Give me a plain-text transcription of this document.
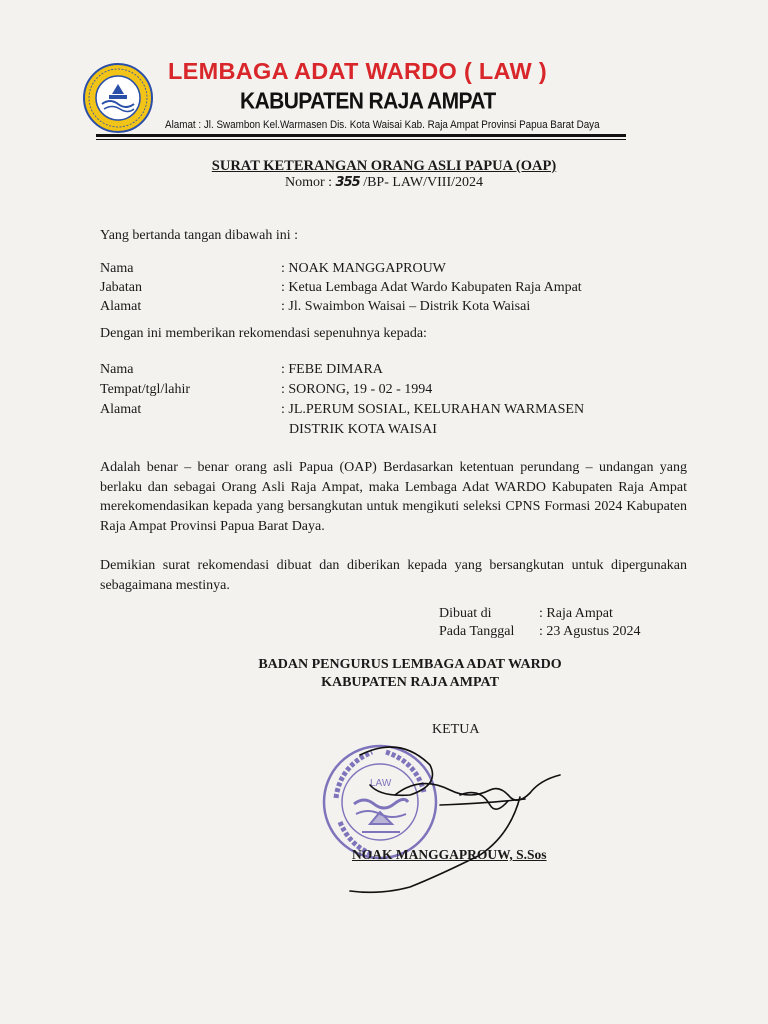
LEMBAGA ADAT WARDO ( LAW )
KABUPATEN RAJA AMPAT
Alamat : Jl. Swambon Kel.Warmasen Dis. Kota Waisai Kab. Raja Ampat Provinsi Papua Barat Daya
SURAT KETERANGAN ORANG ASLI PAPUA (OAP)
Nomor : 355 /BP- LAW/VIII/2024
Yang bertanda tangan dibawah ini :
Nama	: NOAK MANGGAPROUW
Jabatan	: Ketua Lembaga Adat Wardo Kabupaten Raja Ampat
Alamat	: Jl. Swaimbon Waisai – Distrik Kota Waisai
Dengan ini memberikan rekomendasi sepenuhnya kepada:
Nama	: FEBE DIMARA
Tempat/tgl/lahir	: SORONG, 19 - 02 - 1994
Alamat	: JL.PERUM SOSIAL, KELURAHAN WARMASEN
DISTRIK KOTA WAISAI
Adalah benar – benar orang asli Papua (OAP) Berdasarkan ketentuan perundang – undangan yang berlaku dan sebagai Orang Asli Raja Ampat, maka Lembaga Adat WARDO Kabupaten Raja Ampat merekomendasikan kepada yang bersangkutan untuk mengikuti seleksi CPNS Formasi 2024 Kabupaten Raja Ampat Provinsi Papua Barat Daya.
Demikian surat rekomendasi dibuat dan diberikan kepada yang bersangkutan untuk dipergunakan sebagaimana mestinya.
Dibuat di	: Raja Ampat
Pada Tanggal : 23 Agustus 2024
BADAN PENGURUS LEMBAGA ADAT WARDO
KABUPATEN RAJA AMPAT
KETUA
LAW
NOAK MANGGAPROUW, S.Sos
